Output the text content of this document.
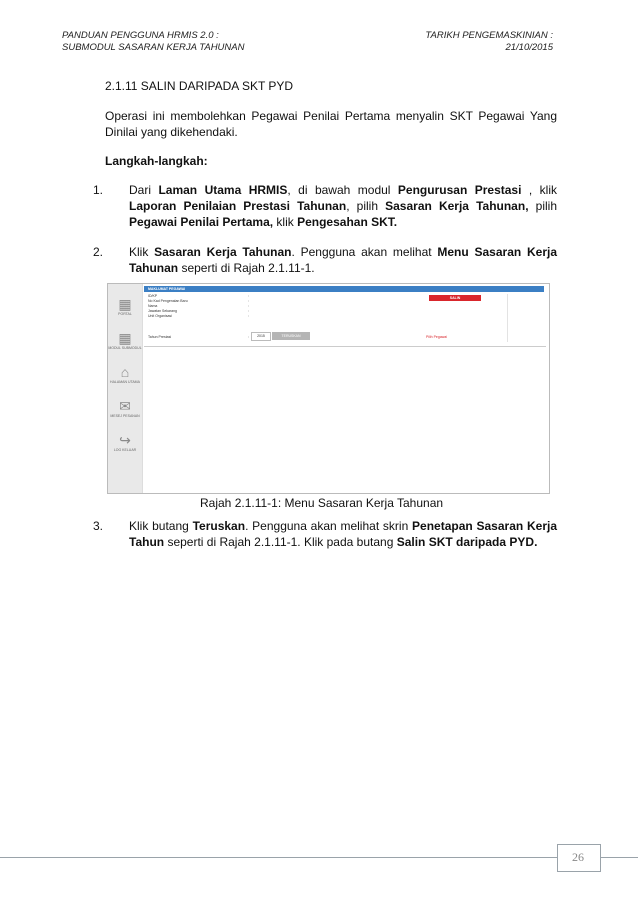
PANDUAN PENGGUNA HRMIS 2.0 :
SUBMODUL SASARAN KERJA TAHUNAN
TARIKH PENGEMASKINIAN :
21/10/2015
2.1.11 SALIN DARIPADA SKT PYD

Operasi ini membolehkan Pegawai Penilai Pertama menyalin SKT Pegawai Yang Dinilai yang dikehendaki.

Langkah-langkah:

1. Dari Laman Utama HRMIS, di bawah modul Pengurusan Prestasi , klik Laporan Penilaian Prestasi Tahunan, pilih Sasaran Kerja Tahunan, pilih Pegawai Penilai Pertama, klik Pengesahan SKT.
2. Klik Sasaran Kerja Tahunan. Pengguna akan melihat Menu Sasaran Kerja Tahunan seperti di Rajah 2.1.11-1.
▦
PORTAL
▦
MODUL SUBMODUL
⌂
HALAMAN UTAMA
✉
MESEJ PESANAN
↪
LOG KELUAR
MAKLUMAT PEGAWAI
ID/KP	:
No Kad Pengenalan Baru	:
Nama	:
Jawatan Sekarang	:
Unit Organisasi	:
Tahun Prestasi	:
SALIN
2015	TERUSKAN	Pilih Pegawai
Rajah 2.1.11-1: Menu Sasaran Kerja Tahunan
3. Klik butang Teruskan. Pengguna akan melihat skrin Penetapan Sasaran Kerja Tahun seperti di Rajah 2.1.11-1. Klik pada butang Salin SKT daripada PYD.
26
